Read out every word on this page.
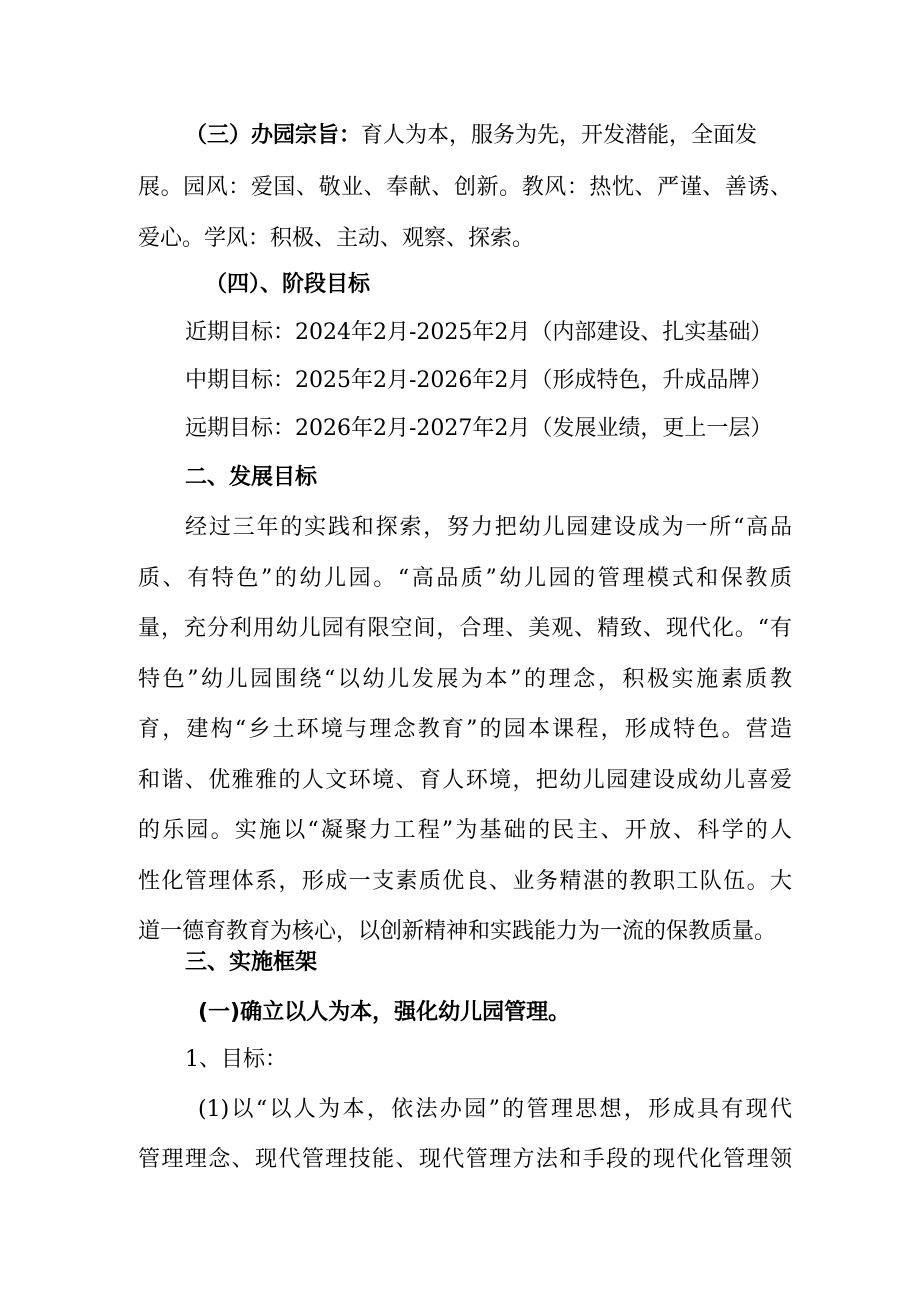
（三）办园宗旨：育人为本，服务为先，开发潜能，全面发
展。园风：爱国、敬业、奉献、创新。教风：热忱、严谨、善诱、
爱心。学风：积极、主动、观察、探索。
（四）、阶段目标
近期目标：2024年2月-2025年2月（内部建设、扎实基础）
中期目标：2025年2月-2026年2月（形成特色，升成品牌）
远期目标：2026年2月-2027年2月（发展业绩，更上一层）
二、发展目标
经过三年的实践和探索，努力把幼儿园建设成为一所“高品
质、有特色”的幼儿园。“高品质”幼儿园的管理模式和保教质
量，充分利用幼儿园有限空间，合理、美观、精致、现代化。“有
特色”幼儿园围绕“以幼儿发展为本”的理念，积极实施素质教
育，建构“乡土环境与理念教育”的园本课程，形成特色。营造
和谐、优雅雅的人文环境、育人环境，把幼儿园建设成幼儿喜爱
的乐园。实施以“凝聚力工程”为基础的民主、开放、科学的人
性化管理体系，形成一支素质优良、业务精湛的教职工队伍。大
道一德育教育为核心，以创新精神和实践能力为一流的保教质量。
三、实施框架
(一)确立以人为本，强化幼儿园管理。
1、目标：
(1)以“以人为本，依法办园”的管理思想，形成具有现代
管理理念、现代管理技能、现代管理方法和手段的现代化管理领
